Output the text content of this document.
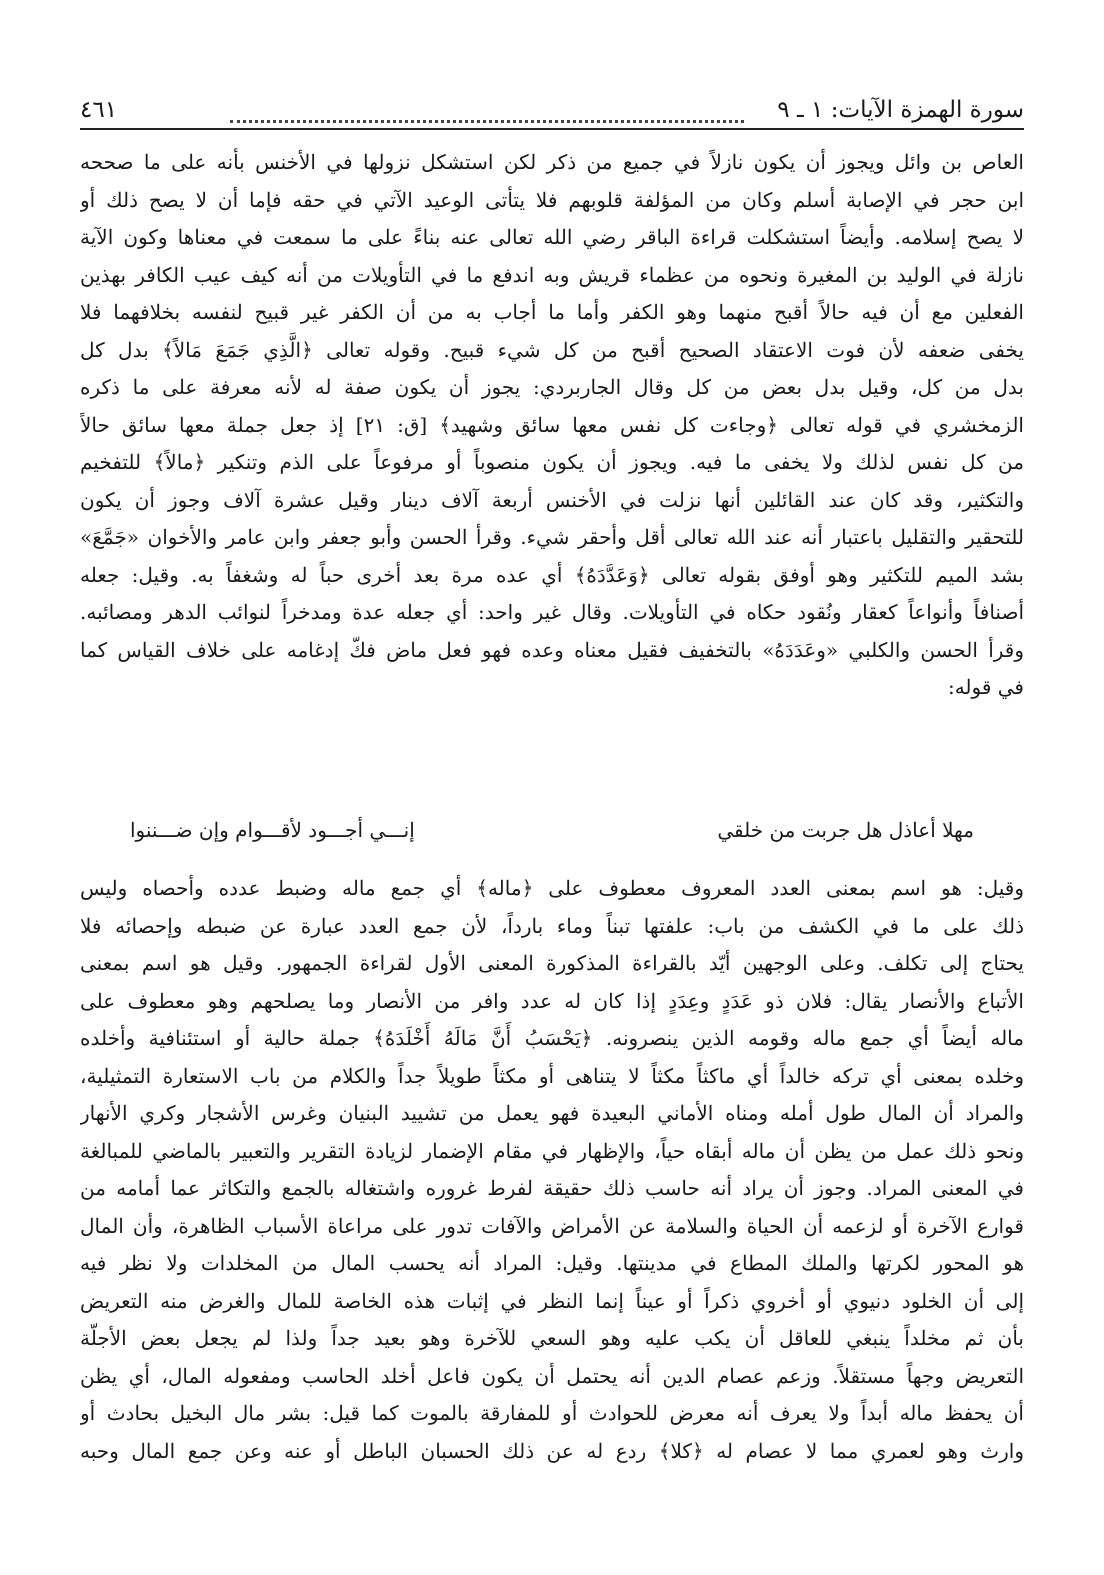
سورة الهمزة الآيات: ١ ـ ٩
٤٦١
العاص بن وائل ويجوز أن يكون نازلاً في جميع من ذكر لكن استشكل نزولها في الأخنس بأنه على ما صححه
ابن حجر في الإصابة أسلم وكان من المؤلفة قلوبهم فلا يتأتى الوعيد الآتي في حقه فإما أن لا يصح ذلك أو
لا يصح إسلامه. وأيضاً استشكلت قراءة الباقر رضي الله تعالى عنه بناءً على ما سمعت في معناها وكون الآية
نازلة في الوليد بن المغيرة ونحوه من عظماء قريش وبه اندفع ما في التأويلات من أنه كيف عيب الكافر بهذين
الفعلين مع أن فيه حالاً أقبح منهما وهو الكفر وأما ما أجاب به من أن الكفر غير قبيح لنفسه بخلافهما فلا
يخفى ضعفه لأن فوت الاعتقاد الصحيح أقبح من كل شيء قبيح. وقوله تعالى ﴿الَّذِي جَمَعَ مَالاً﴾ بدل كل
بدل من كل، وقيل بدل بعض من كل وقال الجاربردي: يجوز أن يكون صفة له لأنه معرفة على ما ذكره
الزمخشري في قوله تعالى ﴿وجاءت كل نفس معها سائق وشهيد﴾ [ق: ٢١] إذ جعل جملة معها سائق حالاً
من كل نفس لذلك ولا يخفى ما فيه. ويجوز أن يكون منصوباً أو مرفوعاً على الذم وتنكير ﴿مالاً﴾ للتفخيم
والتكثير، وقد كان عند القائلين أنها نزلت في الأخنس أربعة آلاف دينار وقيل عشرة آلاف وجوز أن يكون
للتحقير والتقليل باعتبار أنه عند الله تعالى أقل وأحقر شيء. وقرأ الحسن وأبو جعفر وابن عامر والأخوان «جَمَّعَ»
بشد الميم للتكثير وهو أوفق بقوله تعالى ﴿وَعَدَّدَهُ﴾ أي عده مرة بعد أخرى حباً له وشغفاً به. وقيل: جعله
أصنافاً وأنواعاً كعقار ونُقود حكاه في التأويلات. وقال غير واحد: أي جعله عدة ومدخراً لنوائب الدهر ومصائبه.
وقرأ الحسن والكلبي «وعَدَدَهُ» بالتخفيف فقيل معناه وعده فهو فعل ماض فكّ إدغامه على خلاف القياس كما
في قوله:
مهلا أعاذل هل جربت من خلقي
إنـــي أجـــود لأقـــوام وإن ضـــننوا
وقيل: هو اسم بمعنى العدد المعروف معطوف على ﴿ماله﴾ أي جمع ماله وضبط عدده وأحصاه وليس
ذلك على ما في الكشف من باب: علفتها تبناً وماء بارداً، لأن جمع العدد عبارة عن ضبطه وإحصائه فلا
يحتاج إلى تكلف. وعلى الوجهين أيّد بالقراءة المذكورة المعنى الأول لقراءة الجمهور. وقيل هو اسم بمعنى
الأتباع والأنصار يقال: فلان ذو عَدَدٍ وعِدَدٍ إذا كان له عدد وافر من الأنصار وما يصلحهم وهو معطوف على
ماله أيضاً أي جمع ماله وقومه الذين ينصرونه. ﴿يَحْسَبُ أَنَّ مَالَهُ أَخْلَدَهُ﴾ جملة حالية أو استئنافية وأخلده
وخلده بمعنى أي تركه خالداً أي ماكثاً مكثاً لا يتناهى أو مكثاً طويلاً جداً والكلام من باب الاستعارة التمثيلية،
والمراد أن المال طول أمله ومناه الأماني البعيدة فهو يعمل من تشييد البنيان وغرس الأشجار وكري الأنهار
ونحو ذلك عمل من يظن أن ماله أبقاه حياً، والإظهار في مقام الإضمار لزيادة التقرير والتعبير بالماضي للمبالغة
في المعنى المراد. وجوز أن يراد أنه حاسب ذلك حقيقة لفرط غروره واشتغاله بالجمع والتكاثر عما أمامه من
قوارع الآخرة أو لزعمه أن الحياة والسلامة عن الأمراض والآفات تدور على مراعاة الأسباب الظاهرة، وأن المال
هو المحور لكرتها والملك المطاع في مدينتها. وقيل: المراد أنه يحسب المال من المخلدات ولا نظر فيه
إلى أن الخلود دنيوي أو أخروي ذكراً أو عيناً إنما النظر في إثبات هذه الخاصة للمال والغرض منه التعريض
بأن ثم مخلداً ينبغي للعاقل أن يكب عليه وهو السعي للآخرة وهو بعيد جداً ولذا لم يجعل بعض الأجلّة
التعريض وجهاً مستقلاً. وزعم عصام الدين أنه يحتمل أن يكون فاعل أخلد الحاسب ومفعوله المال، أي يظن
أن يحفظ ماله أبداً ولا يعرف أنه معرض للحوادث أو للمفارقة بالموت كما قيل: بشر مال البخيل بحادث أو
وارث وهو لعمري مما لا عصام له ﴿كلا﴾ ردع له عن ذلك الحسبان الباطل أو عنه وعن جمع المال وحبه
